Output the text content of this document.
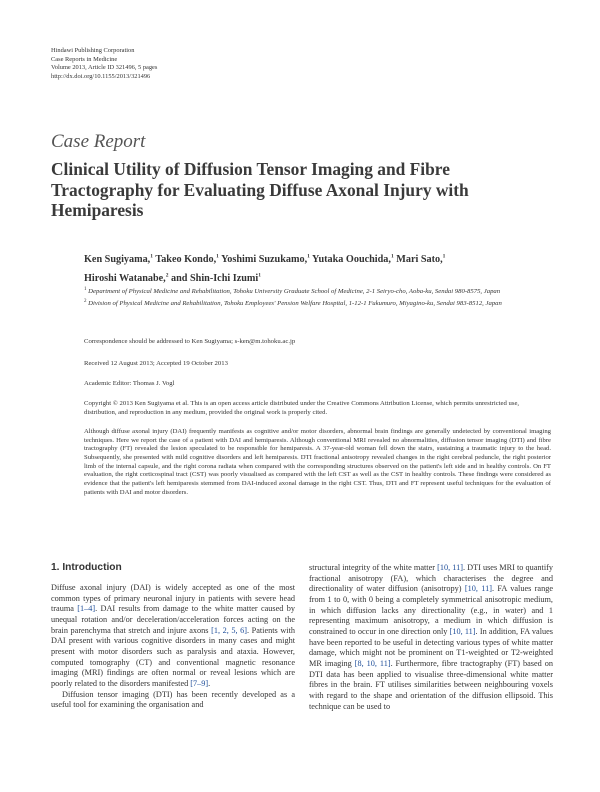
Hindawi Publishing Corporation
Case Reports in Medicine
Volume 2013, Article ID 321496, 5 pages
http://dx.doi.org/10.1155/2013/321496
Case Report
Clinical Utility of Diffusion Tensor Imaging and Fibre Tractography for Evaluating Diffuse Axonal Injury with Hemiparesis
Ken Sugiyama,$^1$ Takeo Kondo,$^1$ Yoshimi Suzukamo,$^1$ Yutaka Oouchida,$^1$ Mari Sato,$^1$
Hiroshi Watanabe,$^2$ and Shin-Ichi Izumi$^1$
$^1$ Department of Physical Medicine and Rehabilitation, Tohoku University Graduate School of Medicine, 2-1 Seiryo-cho, Aoba-ku, Sendai 980-8575, Japan
$^2$ Division of Physical Medicine and Rehabilitation, Tohoku Employees' Pension Welfare Hospital, 1-12-1 Fukumuro, Miyagino-ku, Sendai 983-8512, Japan
Correspondence should be addressed to Ken Sugiyama; s-ken@m.tohoku.ac.jp
Received 12 August 2013; Accepted 19 October 2013
Academic Editor: Thomas J. Vogl
Copyright © 2013 Ken Sugiyama et al. This is an open access article distributed under the Creative Commons Attribution License, which permits unrestricted use, distribution, and reproduction in any medium, provided the original work is properly cited.

Although diffuse axonal injury (DAI) frequently manifests as cognitive and/or motor disorders, abnormal brain findings are generally undetected by conventional imaging techniques. Here we report the case of a patient with DAI and hemiparesis. Although conventional MRI revealed no abnormalities, diffusion tensor imaging (DTI) and fibre tractography (FT) revealed the lesion speculated to be responsible for hemiparesis. A 37-year-old woman fell down the stairs, sustaining a traumatic injury to the head. Subsequently, she presented with mild cognitive disorders and left hemiparesis. DTI fractional anisotropy revealed changes in the right cerebral peduncle, the right posterior limb of the internal capsule, and the right corona radiata when compared with the corresponding structures observed on the patient's left side and in healthy controls. On FT evaluation, the right corticospinal tract (CST) was poorly visualised as compared with the left CST as well as the CST in healthy controls. These findings were considered as evidence that the patient's left hemiparesis stemmed from DAI-induced axonal damage in the right CST. Thus, DTI and FT represent useful techniques for the evaluation of patients with DAI and motor disorders.

1. Introduction

Diffuse axonal injury (DAI) is widely accepted as one of the most common types of primary neuronal injury in patients with severe head trauma [1–4]. DAI results from damage to the white matter caused by unequal rotation and/or deceleration/acceleration forces acting on the brain parenchyma that stretch and injure axons [1, 2, 5, 6]. Patients with DAI present with various cognitive disorders in many cases and might present with motor disorders such as paralysis and ataxia. However, computed tomography (CT) and conventional magnetic resonance imaging (MRI) findings are often normal or reveal lesions which are poorly related to the disorders manifested [7–9].

Diffusion tensor imaging (DTI) has been recently developed as a useful tool for examining the organisation and

structural integrity of the white matter [10, 11]. DTI uses MRI to quantify fractional anisotropy (FA), which characterises the degree and directionality of water diffusion (anisotropy) [10, 11]. FA values range from 1 to 0, with 0 being a completely symmetrical anisotropic medium, in which diffusion lacks any directionality (e.g., in water) and 1 representing maximum anisotropy, a medium in which diffusion is constrained to occur in one direction only [10, 11]. In addition, FA values have been reported to be useful in detecting various types of white matter damage, which might not be prominent on T1-weighted or T2-weighted MR imaging [8, 10, 11]. Furthermore, fibre tractography (FT) based on DTI data has been applied to visualise three-dimensional white matter fibres in the brain. FT utilises similarities between neighbouring voxels with regard to the shape and orientation of the diffusion ellipsoid. This technique can be used to
